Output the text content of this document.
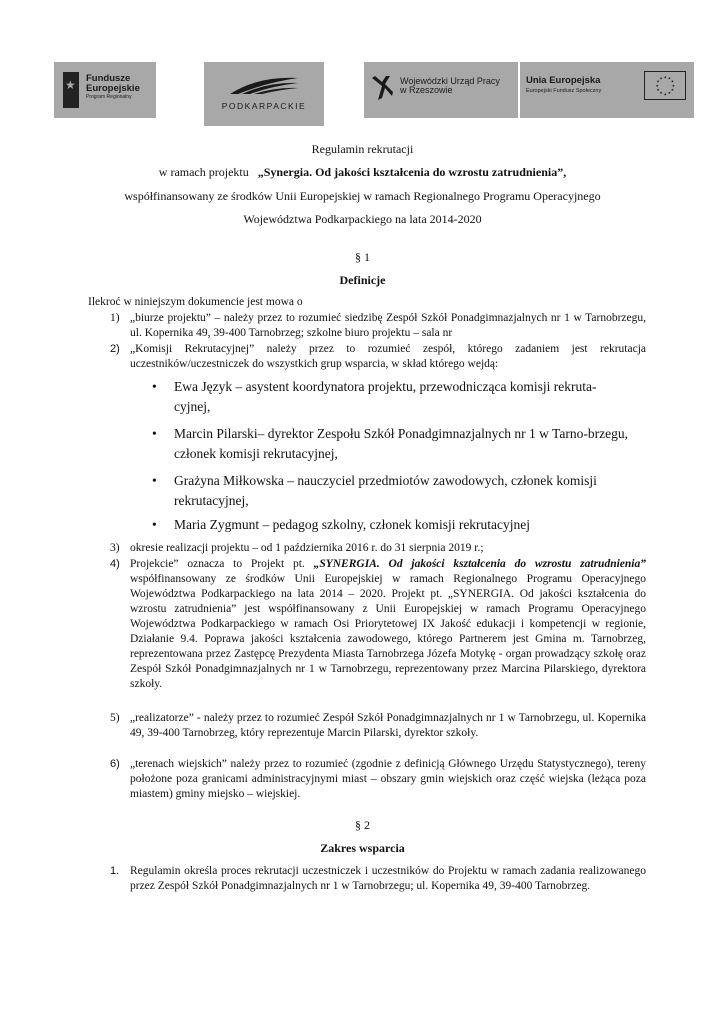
★
Fundusze
Europejskie
Program Regionalny
PODKARPACKIE
Wojewódzki Urząd Pracy
w Rzeszowie
Unia Europejska
Europejski Fundusz Społeczny
★ ★
★
★
★
★
★
★
★
★
★
★
Regulamin rekrutacji
w ramach projektu „Synergia. Od jakości kształcenia do wzrostu zatrudnienia”,
współfinansowany ze środków Unii Europejskiej w ramach Regionalnego Programu Operacyjnego
Województwa Podkarpackiego na lata 2014-2020
§ 1
Definicje
Ilekroć w niniejszym dokumencie jest mowa o
1) „biurze projektu” – należy przez to rozumieć siedzibę Zespół Szkół Ponadgimnazjalnych nr 1 w Tarnobrzegu, ul. Kopernika 49, 39-400 Tarnobrzeg; szkolne biuro projektu – sala nr
2) „Komisji Rekrutacyjnej” należy przez to rozumieć zespół, którego zadaniem jest rekrutacja uczestników/uczestniczek do wszystkich grup wsparcia, w skład którego wejdą:
• Ewa Język – asystent koordynatora projektu, przewodnicząca komisji rekruta-cyjnej,
• Marcin Pilarski– dyrektor Zespołu Szkół Ponadgimnazjalnych nr 1 w Tarno-brzegu, członek komisji rekrutacyjnej,
• Grażyna Miłkowska – nauczyciel przedmiotów zawodowych, członek komisji rekrutacyjnej,
• Maria Zygmunt – pedagog szkolny, członek komisji rekrutacyjnej
3) okresie realizacji projektu – od 1 października 2016 r. do 31 sierpnia 2019 r.;
4) Projekcie” oznacza to Projekt pt. „SYNERGIA. Od jakości kształcenia do wzrostu zatrudnienia” współfinansowany ze środków Unii Europejskiej w ramach Regionalnego Programu Operacyjnego Województwa Podkarpackiego na lata 2014 – 2020. Projekt pt. „SYNERGIA. Od jakości kształcenia do wzrostu zatrudnienia” jest współfinansowany z Unii Europejskiej w ramach Programu Operacyjnego Województwa Podkarpackiego w ramach Osi Priorytetowej IX Jakość edukacji i kompetencji w regionie, Działanie 9.4. Poprawa jakości kształcenia zawodowego, którego Partnerem jest Gmina m. Tarnobrzeg, reprezentowana przez Zastępcę Prezydenta Miasta Tarnobrzega Józefa Motykę - organ prowadzący szkołę oraz Zespół Szkół Ponadgimnazjalnych nr 1 w Tarnobrzegu, reprezentowany przez Marcina Pilarskiego, dyrektora szkoły.
5) „realizatorze” - należy przez to rozumieć Zespół Szkół Ponadgimnazjalnych nr 1 w Tarnobrzegu, ul. Kopernika 49, 39-400 Tarnobrzeg, który reprezentuje Marcin Pilarski, dyrektor szkoły.
6) „terenach wiejskich” należy przez to rozumieć (zgodnie z definicją Głównego Urzędu Statystycznego), tereny położone poza granicami administracyjnymi miast – obszary gmin wiejskich oraz część wiejska (leżąca poza miastem) gminy miejsko – wiejskiej.
§ 2
Zakres wsparcia
1. Regulamin określa proces rekrutacji uczestniczek i uczestników do Projektu w ramach zadania realizowanego przez Zespół Szkół Ponadgimnazjalnych nr 1 w Tarnobrzegu; ul. Kopernika 49, 39-400 Tarnobrzeg.
